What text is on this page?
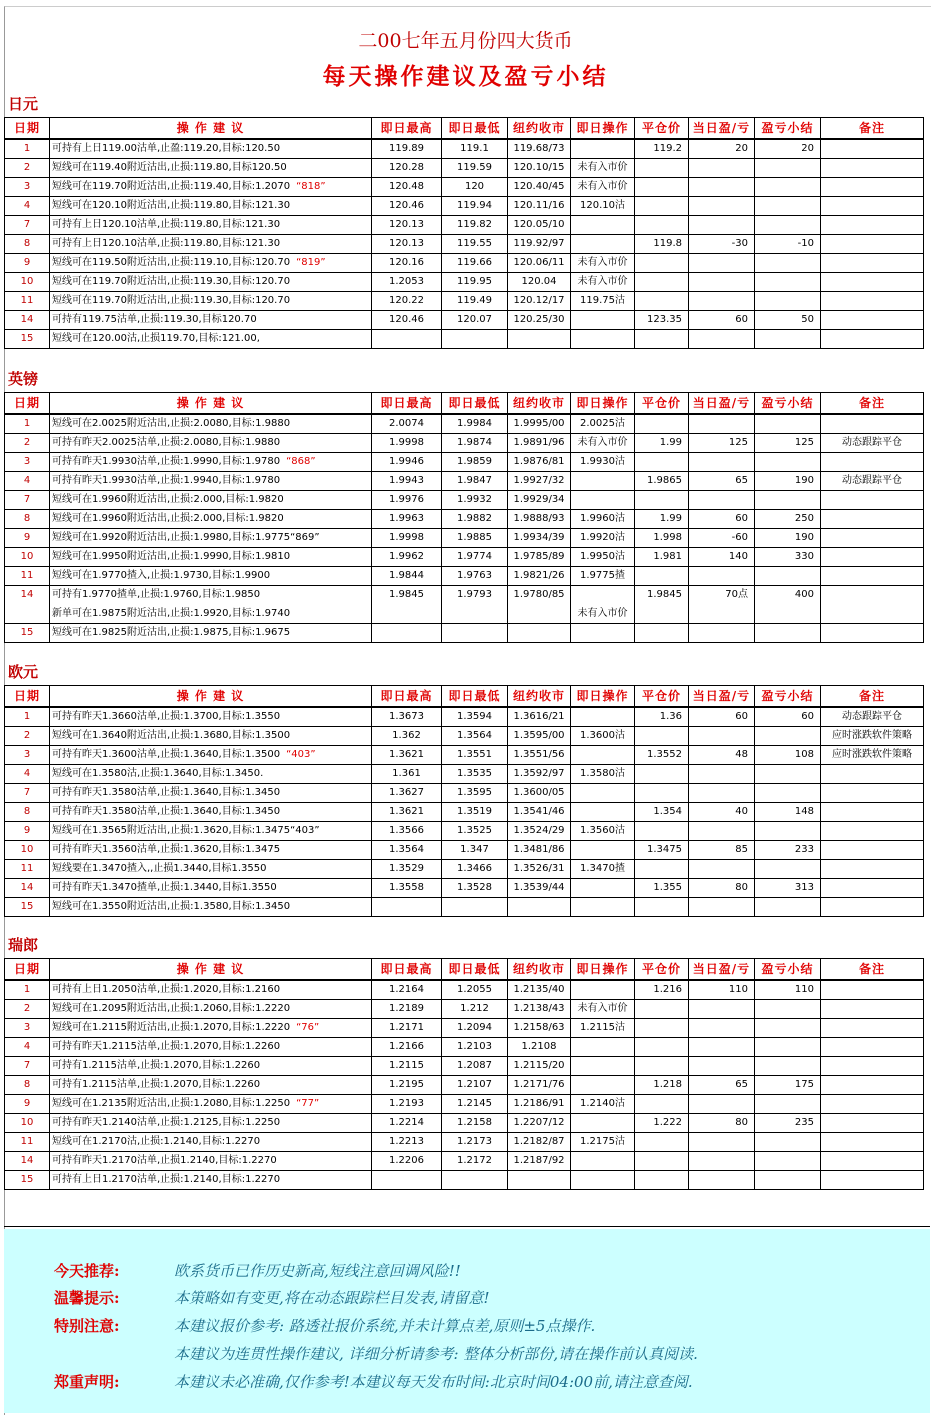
二00七年五月份四大货币
每天操作建议及盈亏小结
日元
日期	操 作 建 议	即日最高	即日最低	纽约收市	即日操作	平仓价	当日盈/亏	盈亏小结	备注
1	可持有上日119.00沽单,止盈:119.20,目标:120.50	119.89	119.1	119.68/73		119.2	20	20	
2	短线可在119.40附近沽出,止损:119.80,目标120.50	120.28	119.59	120.10/15	未有入市价				
3	短线可在119.70附近沽出,止损:119.40,目标:1.2070 “818”	120.48	120	120.40/45	未有入市价				
4	短线可在120.10附近沽出,止损:119.80,目标:121.30	120.46	119.94	120.11/16	120.10沽				
7	可持有上日120.10沽单,止损:119.80,目标:121.30	120.13	119.82	120.05/10					
8	可持有上日120.10沽单,止损:119.80,目标:121.30	120.13	119.55	119.92/97		119.8	-30	-10	
9	短线可在119.50附近沽出,止损:119.10,目标:120.70 “819”	120.16	119.66	120.06/11	未有入市价				
10	短线可在119.70附近沽出,止损:119.30,目标:120.70	1.2053	119.95	120.04	未有入市价				
11	短线可在119.70附近沽出,止损:119.30,目标:120.70	120.22	119.49	120.12/17	119.75沽				
14	可持有119.75沽单,止损:119.30,目标120.70	120.46	120.07	120.25/30		123.35	60	50	
15	短线可在120.00沽,止损119.70,目标:121.00,								
英镑
日期	操 作 建 议	即日最高	即日最低	纽约收市	即日操作	平仓价	当日盈/亏	盈亏小结	备注
1	短线可在2.0025附近沽出,止损:2.0080,目标:1.9880	2.0074	1.9984	1.9995/00	2.0025沽				
2	可持有昨天2.0025沽单,止损:2.0080,目标:1.9880	1.9998	1.9874	1.9891/96	未有入市价	1.99	125	125	动态跟踪平仓
3	可持有昨天1.9930沽单,止损:1.9990,目标:1.9780 “868”	1.9946	1.9859	1.9876/81	1.9930沽				
4	可持有昨天1.9930沽单,止损:1.9940,目标:1.9780	1.9943	1.9847	1.9927/32		1.9865	65	190	动态跟踪平仓
7	短线可在1.9960附近沽出,止损:2.000,目标:1.9820	1.9976	1.9932	1.9929/34					
8	短线可在1.9960附近沽出,止损:2.000,目标:1.9820	1.9963	1.9882	1.9888/93	1.9960沽	1.99	60	250	
9	短线可在1.9920附近沽出,止损:1.9980,目标:1.9775“869”	1.9998	1.9885	1.9934/39	1.9920沽	1.998	-60	190	
10	短线可在1.9950附近沽出,止损:1.9990,目标:1.9810	1.9962	1.9774	1.9785/89	1.9950沽	1.981	140	330	
11	短线可在1.9770揸入,止损:1.9730,目标:1.9900	1.9844	1.9763	1.9821/26	1.9775揸				
14	可持有1.9770揸单,止损:1.9760,目标:1.9850	1.9845	1.9793	1.9780/85		1.9845	70点	400	
	新单可在1.9875附近沽出,止损:1.9920,目标:1.9740				未有入市价				
15	短线可在1.9825附近沽出,止损:1.9875,目标:1.9675								
欧元
日期	操 作 建 议	即日最高	即日最低	纽约收市	即日操作	平仓价	当日盈/亏	盈亏小结	备注
1	可持有昨天1.3660沽单,止损:1.3700,目标:1.3550	1.3673	1.3594	1.3616/21		1.36	60	60	动态跟踪平仓
2	短线可在1.3640附近沽出,止损:1.3680,目标:1.3500	1.362	1.3564	1.3595/00	1.3600沽				应时涨跌软件策略
3	可持有昨天1.3600沽单,止损:1.3640,目标:1.3500 “403”	1.3621	1.3551	1.3551/56		1.3552	48	108	应时涨跌软件策略
4	短线可在1.3580沽,止损:1.3640,目标:1.3450.	1.361	1.3535	1.3592/97	1.3580沽				
7	可持有昨天1.3580沽单,止损:1.3640,目标:1.3450	1.3627	1.3595	1.3600/05					
8	可持有昨天1.3580沽单,止损:1.3640,目标:1.3450	1.3621	1.3519	1.3541/46		1.354	40	148	
9	短线可在1.3565附近沽出,止损:1.3620,目标:1.3475“403”	1.3566	1.3525	1.3524/29	1.3560沽				
10	可持有昨天1.3560沽单,止损:1.3620,目标:1.3475	1.3564	1.347	1.3481/86		1.3475	85	233	
11	短线要在1.3470揸入,,止损1.3440,目标1.3550	1.3529	1.3466	1.3526/31	1.3470揸				
14	可持有昨天1.3470揸单,止损:1.3440,目标1.3550	1.3558	1.3528	1.3539/44		1.355	80	313	
15	短线可在1.3550附近沽出,止损:1.3580,目标:1.3450								
瑞郎
日期	操 作 建 议	即日最高	即日最低	纽约收市	即日操作	平仓价	当日盈/亏	盈亏小结	备注
1	可持有上日1.2050沽单,止损:1.2020,目标:1.2160	1.2164	1.2055	1.2135/40		1.216	110	110	
2	短线可在1.2095附近沽出,止损:1.2060,目标:1.2220	1.2189	1.212	1.2138/43	未有入市价				
3	短线可在1.2115附近沽出,止损:1.2070,目标:1.2220 “76”	1.2171	1.2094	1.2158/63	1.2115沽				
4	可持有昨天1.2115沽单,止损:1.2070,目标:1.2260	1.2166	1.2103	1.2108					
7	可持有1.2115沽单,止损:1.2070,目标:1.2260	1.2115	1.2087	1.2115/20					
8	可持有1.2115沽单,止损:1.2070,目标:1.2260	1.2195	1.2107	1.2171/76		1.218	65	175	
9	短线可在1.2135附近沽出,止损:1.2080,目标:1.2250 “77”	1.2193	1.2145	1.2186/91	1.2140沽				
10	可持有昨天1.2140沽单,止损:1.2125,目标:1.2250	1.2214	1.2158	1.2207/12		1.222	80	235	
11	短线可在1.2170沽,止损:1.2140,目标:1.2270	1.2213	1.2173	1.2182/87	1.2175沽				
14	可持有昨天1.2170沽单,止损1.2140,目标:1.2270	1.2206	1.2172	1.2187/92					
15	可持有上日1.2170沽单,止损:1.2140,目标:1.2270								
今天推荐:	欧系货币已作历史新高,短线注意回调风险!!
温馨提示:	本策略如有变更,将在动态跟踪栏目发表,请留意!
特别注意:	本建议报价参考: 路透社报价系统,并未计算点差,原则±5点操作.
本建议为连贯性操作建议, 详细分析请参考: 整体分析部份,请在操作前认真阅读.
郑重声明:	本建议未必准确,仅作参考!本建议每天发布时间:北京时间04:00前,请注意查阅.
